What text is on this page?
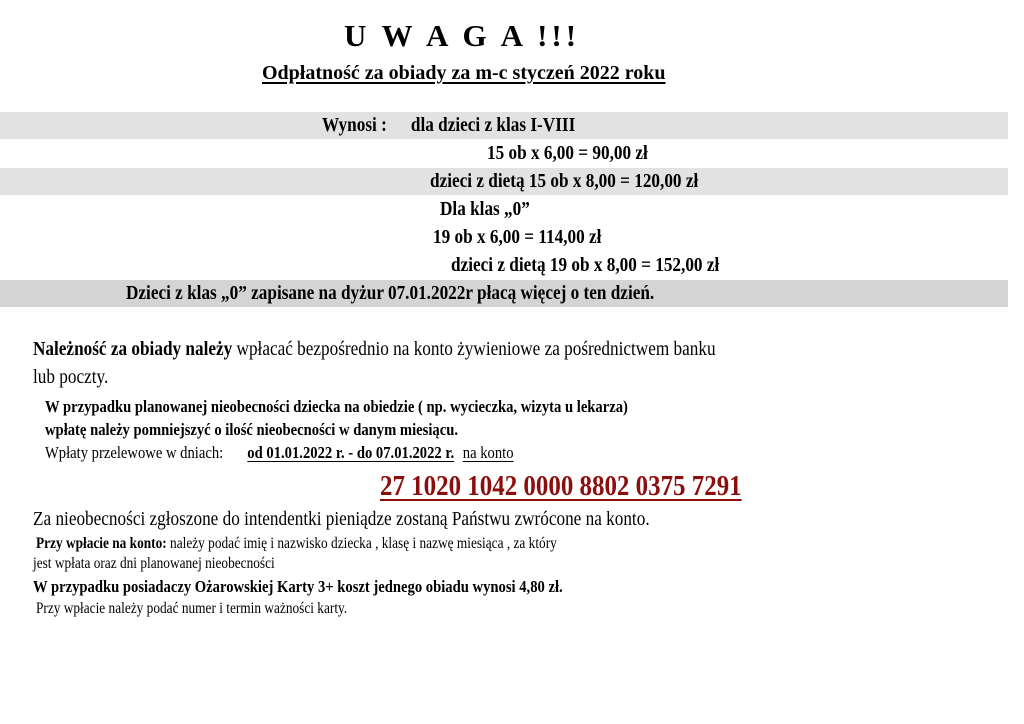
U W A G A !!!
Odpłatność za obiady za m-c styczeń 2022 roku
Wynosi : dla dzieci z klas I-VIII
15 ob x 6,00 = 90,00 zł
dzieci z dietą 15 ob x 8,00 = 120,00 zł
Dla klas „0”
19 ob x 6,00 = 114,00 zł
dzieci z dietą 19 ob x 8,00 = 152,00 zł
Dzieci z klas „0” zapisane na dyżur 07.01.2022r płacą więcej o ten dzień.
Należność za obiady należy wpłacać bezpośrednio na konto żywieniowe za pośrednictwem banku
lub poczty.
W przypadku planowanej nieobecności dziecka na obiedzie ( np. wycieczka, wizyta u lekarza)
wpłatę należy pomniejszyć o ilość nieobecności w danym miesiącu.
Wpłaty przelewowe w dniach: od 01.01.2022 r. - do 07.01.2022 r. na konto
27 1020 1042 0000 8802 0375 7291
Za nieobecności zgłoszone do intendentki pieniądze zostaną Państwu zwrócone na konto.
Przy wpłacie na konto: należy podać imię i nazwisko dziecka , klasę i nazwę miesiąca , za który
jest wpłata oraz dni planowanej nieobecności
W przypadku posiadaczy Ożarowskiej Karty 3+ koszt jednego obiadu wynosi 4,80 zł.
Przy wpłacie należy podać numer i termin ważności karty.
